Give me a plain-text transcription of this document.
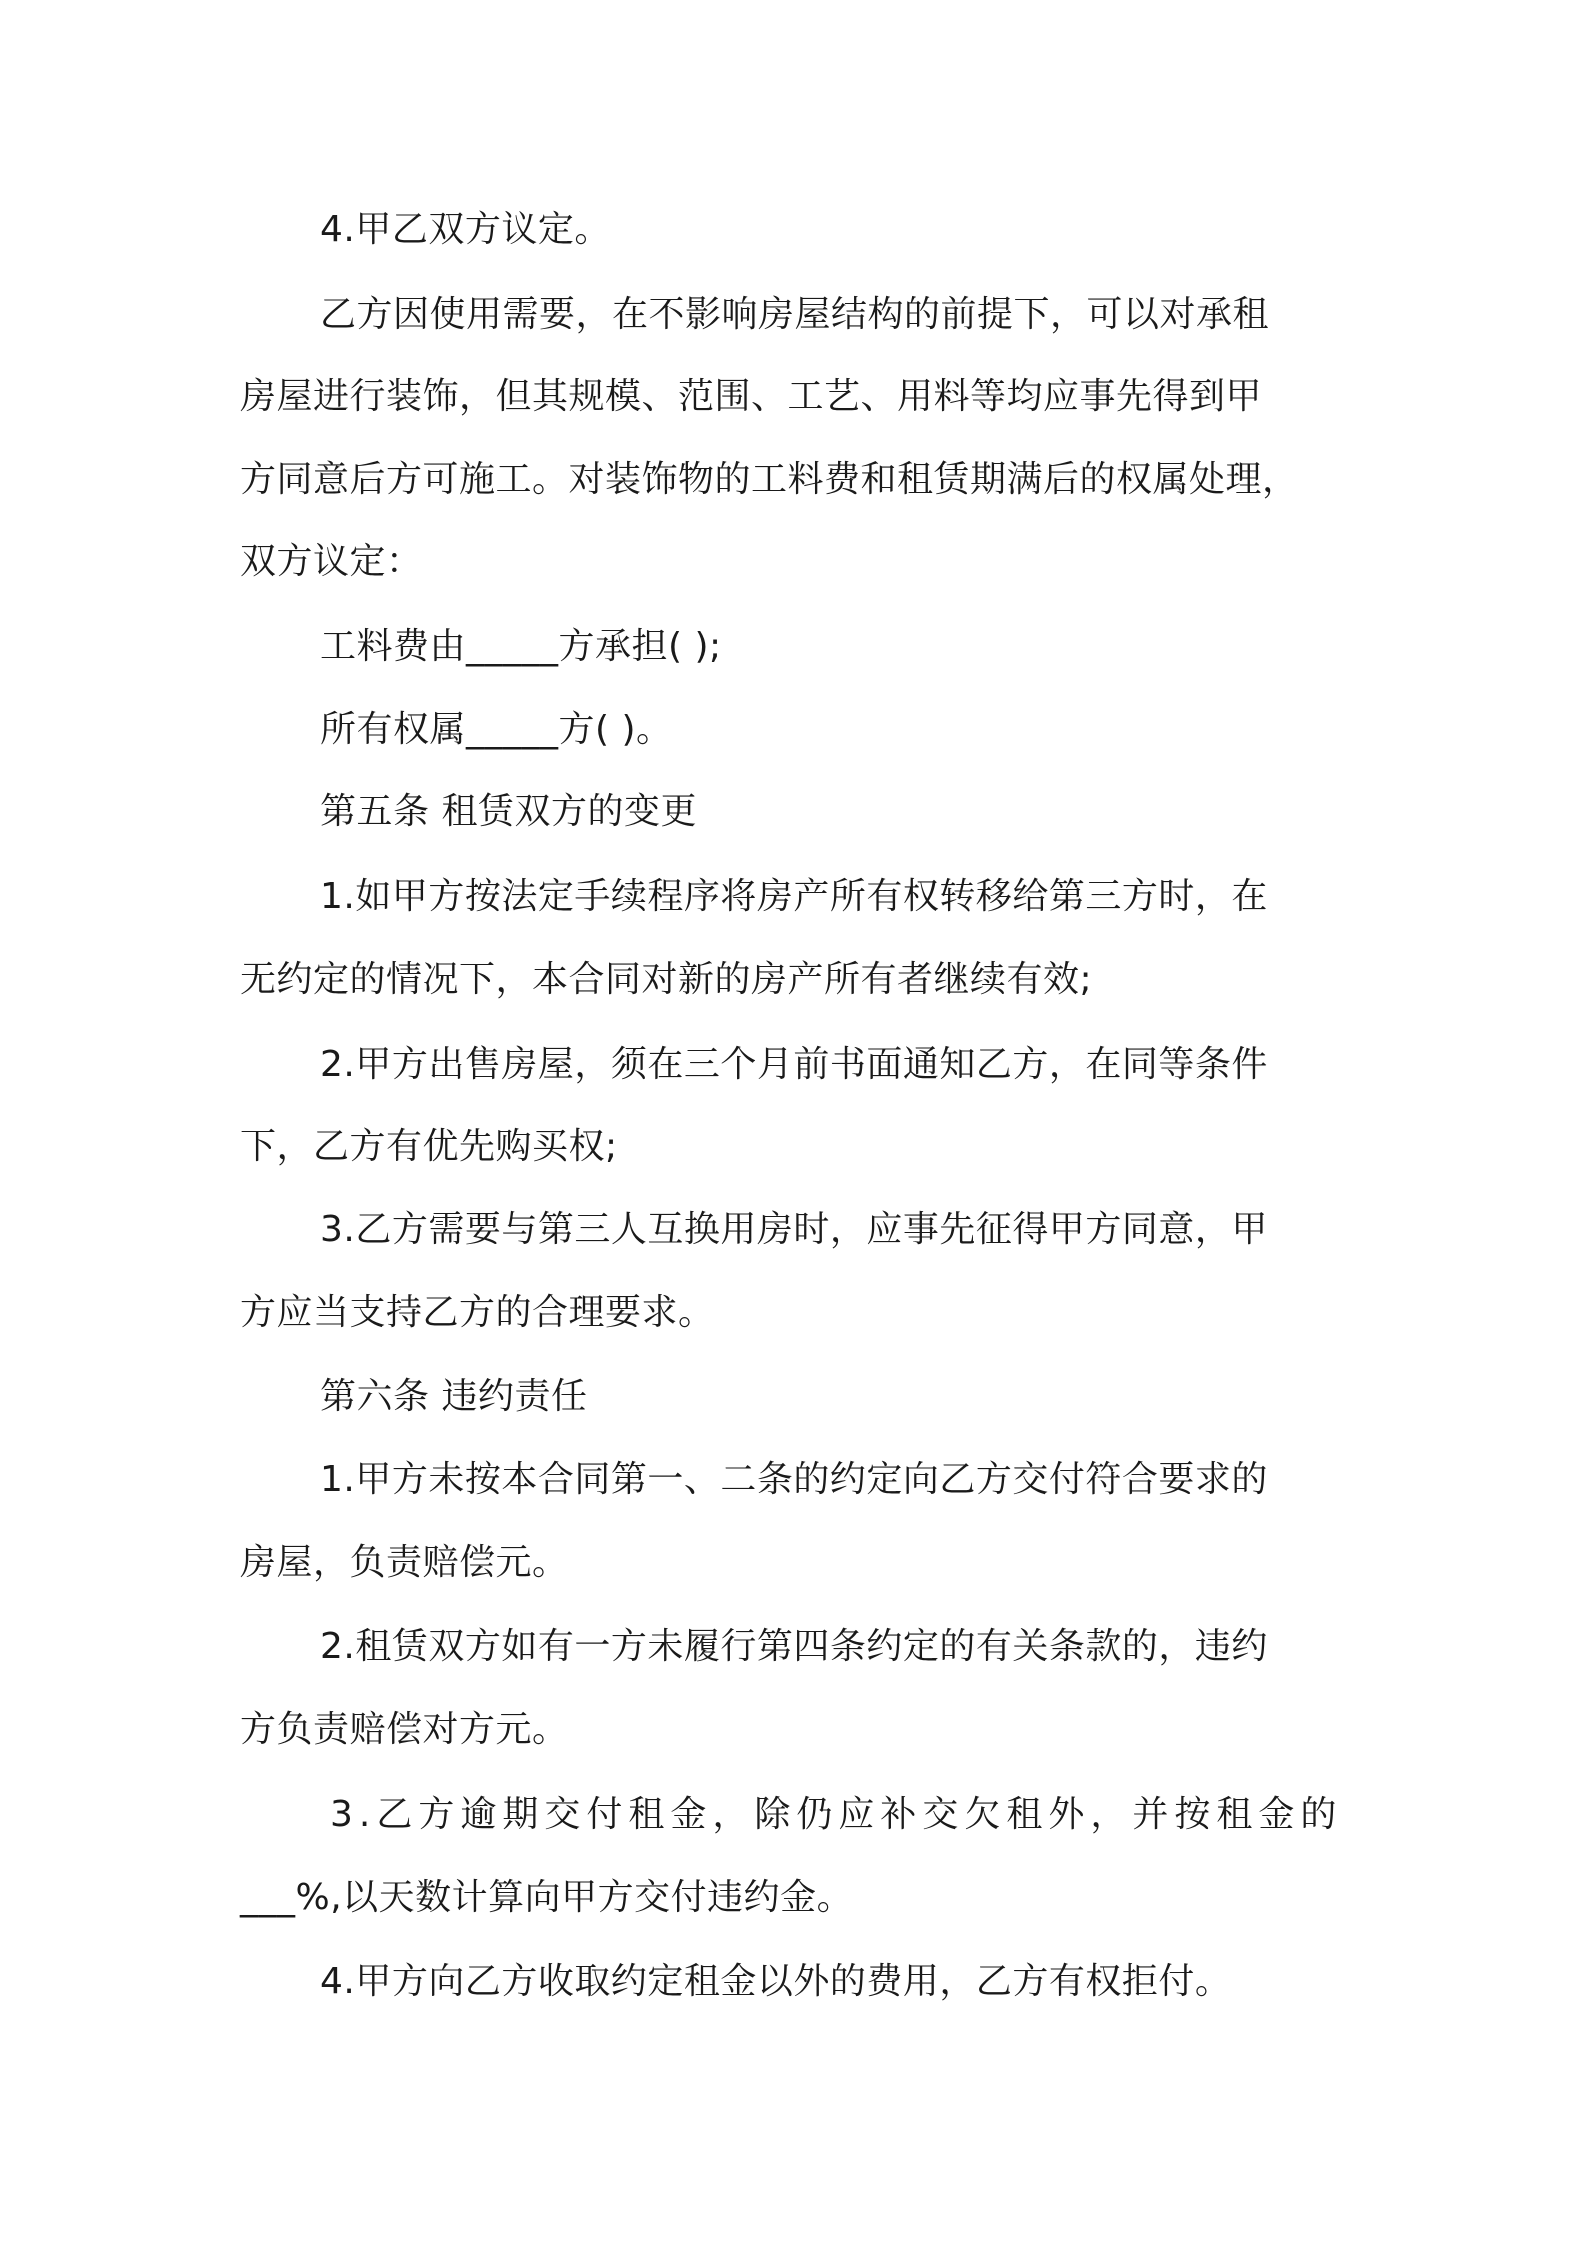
4.甲乙双方议定。
乙方因使用需要，在不影响房屋结构的前提下，可以对承租
房屋进行装饰，但其规模、范围、工艺、用料等均应事先得到甲
方同意后方可施工。对装饰物的工料费和租赁期满后的权属处理，
双方议定：
工料费由_____方承担( );
所有权属_____方( )。
第五条 租赁双方的变更
1.如甲方按法定手续程序将房产所有权转移给第三方时，在
无约定的情况下，本合同对新的房产所有者继续有效;
2.甲方出售房屋，须在三个月前书面通知乙方，在同等条件
下，乙方有优先购买权;
3.乙方需要与第三人互换用房时，应事先征得甲方同意，甲
方应当支持乙方的合理要求。
第六条 违约责任
1.甲方未按本合同第一、二条的约定向乙方交付符合要求的
房屋，负责赔偿元。
2.租赁双方如有一方未履行第四条约定的有关条款的，违约
方负责赔偿对方元。
3.乙方逾期交付租金，除仍应补交欠租外，并按租金的
___%,以天数计算向甲方交付违约金。
4.甲方向乙方收取约定租金以外的费用，乙方有权拒付。
